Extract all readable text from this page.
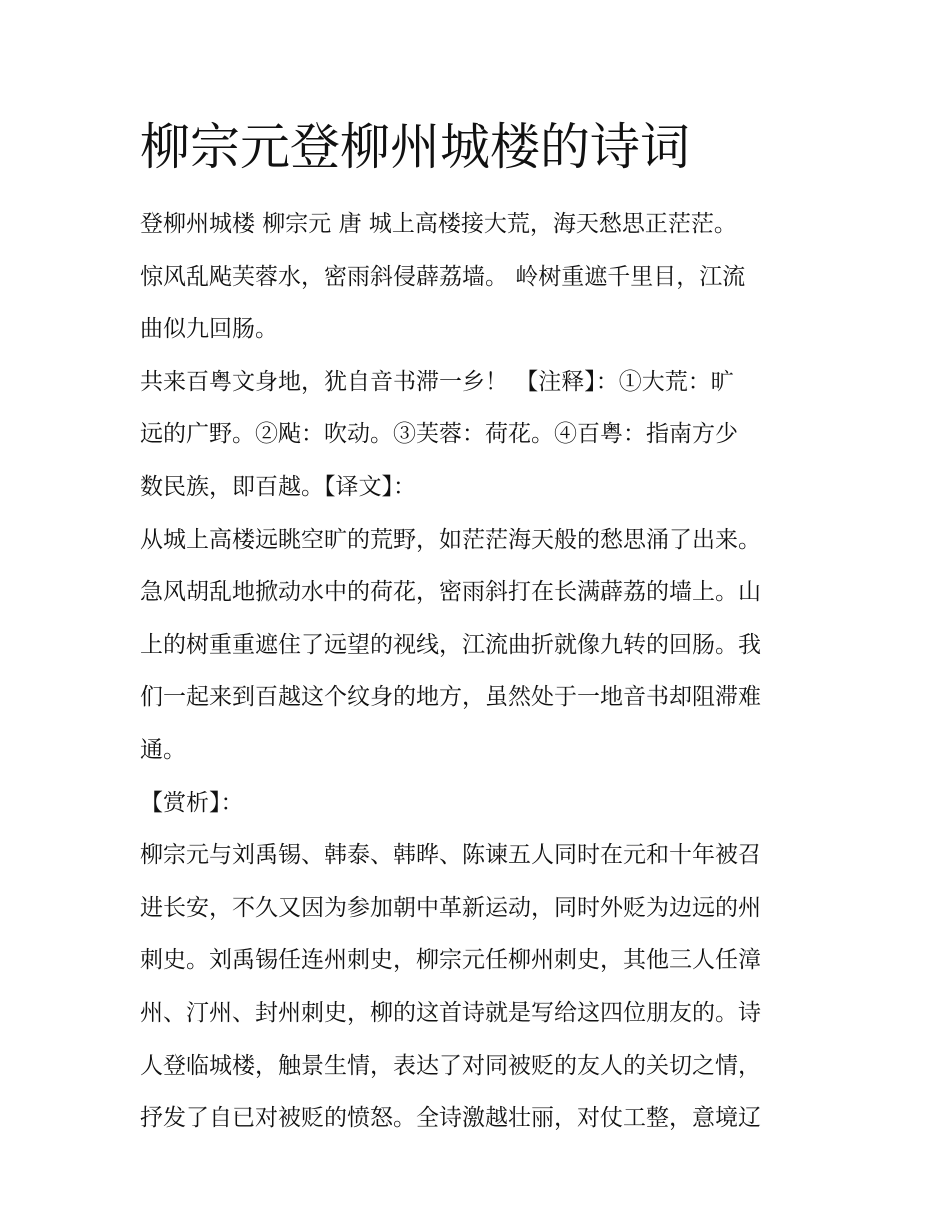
柳宗元登柳州城楼的诗词
登柳州城楼 柳宗元 唐 城上高楼接大荒，海天愁思正茫茫。
惊风乱飐芙蓉水，密雨斜侵薜荔墙。 岭树重遮千里目，江流
曲似九回肠。
共来百粤文身地，犹自音书滞一乡！ 【注释】：①大荒：旷
远的广野。②飐：吹动。③芙蓉：荷花。④百粤：指南方少
数民族，即百越。【译文】：
从城上高楼远眺空旷的荒野，如茫茫海天般的愁思涌了出来。
急风胡乱地掀动水中的荷花，密雨斜打在长满薜荔的墙上。山
上的树重重遮住了远望的视线，江流曲折就像九转的回肠。我
们一起来到百越这个纹身的地方，虽然处于一地音书却阻滞难
通。
【赏析】：
柳宗元与刘禹锡、韩泰、韩晔、陈谏五人同时在元和十年被召
进长安，不久又因为参加朝中革新运动，同时外贬为边远的州
刺史。刘禹锡任连州刺史，柳宗元任柳州刺史，其他三人任漳
州、汀州、封州刺史，柳的这首诗就是写给这四位朋友的。诗
人登临城楼，触景生情，表达了对同被贬的友人的关切之情，
抒发了自已对被贬的愤怒。全诗激越壮丽，对仗工整，意境辽
